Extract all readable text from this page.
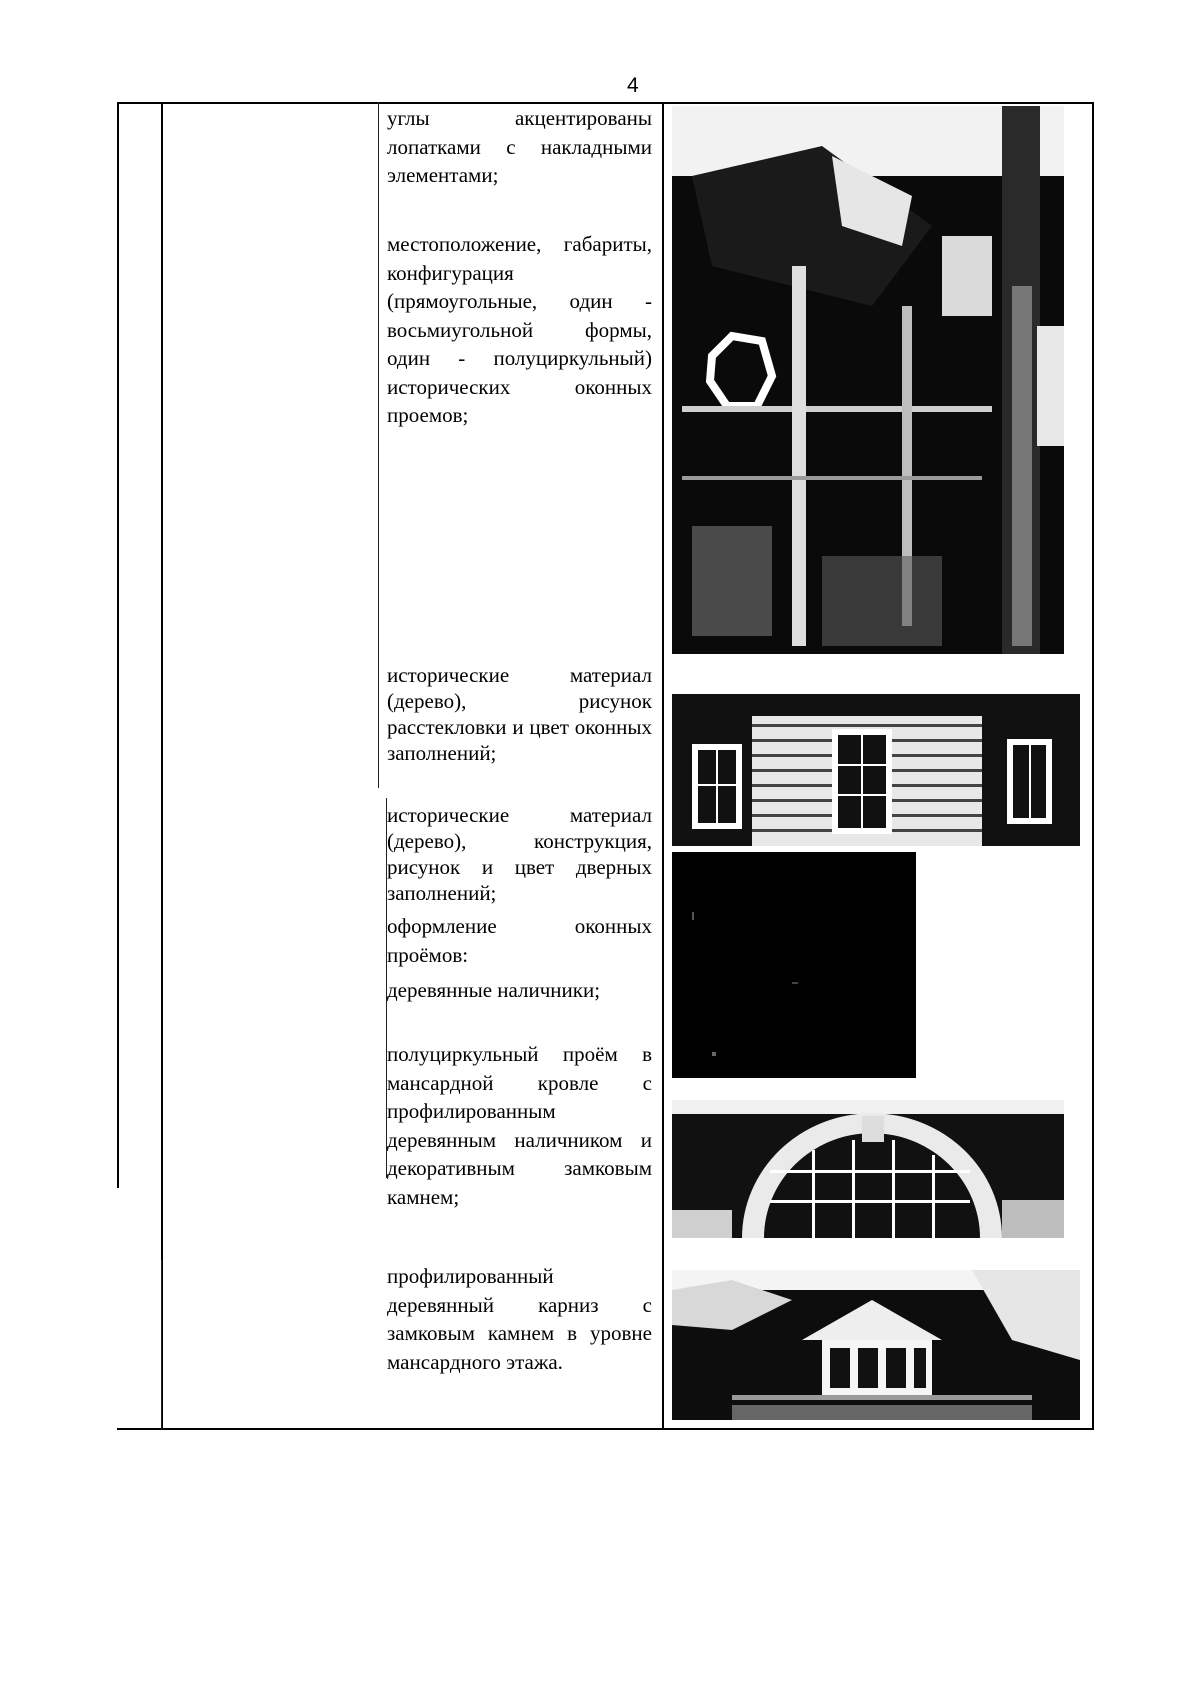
4
углы акцентированы лопатками с накладными элементами;
местоположение, габариты, конфигурация (прямоугольные, один - восьмиугольной формы, один - полуциркульный) исторических оконных проемов;
исторические материал (дерево), рисунок расстекловки и цвет оконных заполнений;
исторические материал (дерево), конструкция, рисунок и цвет дверных заполнений;
оформление оконных проёмов:
деревянные наличники;
полуциркульный проём в мансардной кровле с профилированным деревянным наличником и декоративным замковым камнем;
профилированный деревянный карниз с замковым камнем в уровне мансардного этажа.
